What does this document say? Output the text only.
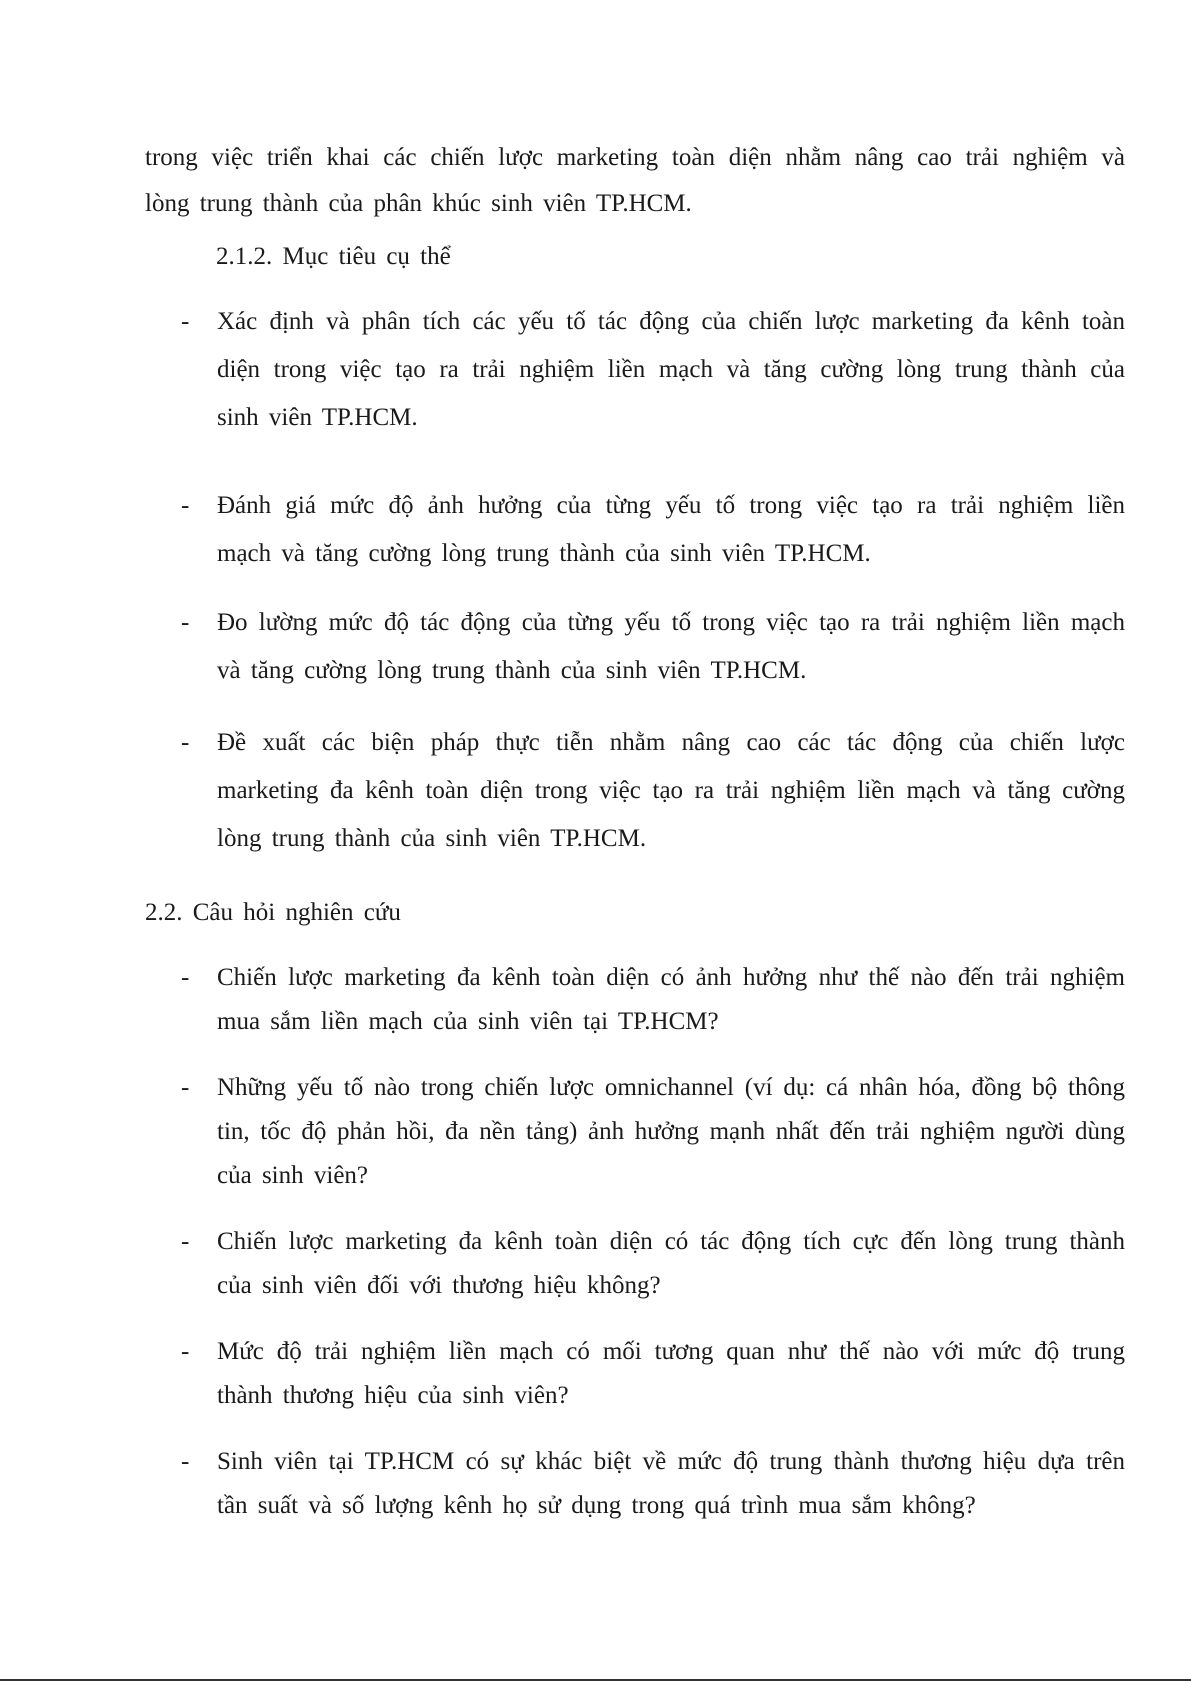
trong việc triển khai các chiến lược marketing toàn diện nhằm nâng cao trải nghiệm và lòng trung thành của phân khúc sinh viên TP.HCM.
2.1.2. Mục tiêu cụ thể
- Xác định và phân tích các yếu tố tác động của chiến lược marketing đa kênh toàn diện trong việc tạo ra trải nghiệm liền mạch và tăng cường lòng trung thành của sinh viên TP.HCM.
- Đánh giá mức độ ảnh hưởng của từng yếu tố trong việc tạo ra trải nghiệm liền mạch và tăng cường lòng trung thành của sinh viên TP.HCM.
- Đo lường mức độ tác động của từng yếu tố trong việc tạo ra trải nghiệm liền mạch và tăng cường lòng trung thành của sinh viên TP.HCM.
- Đề xuất các biện pháp thực tiễn nhằm nâng cao các tác động của chiến lược marketing đa kênh toàn diện trong việc tạo ra trải nghiệm liền mạch và tăng cường lòng trung thành của sinh viên TP.HCM.
2.2. Câu hỏi nghiên cứu
- Chiến lược marketing đa kênh toàn diện có ảnh hưởng như thế nào đến trải nghiệm mua sắm liền mạch của sinh viên tại TP.HCM?
- Những yếu tố nào trong chiến lược omnichannel (ví dụ: cá nhân hóa, đồng bộ thông tin, tốc độ phản hồi, đa nền tảng) ảnh hưởng mạnh nhất đến trải nghiệm người dùng của sinh viên?
- Chiến lược marketing đa kênh toàn diện có tác động tích cực đến lòng trung thành của sinh viên đối với thương hiệu không?
- Mức độ trải nghiệm liền mạch có mối tương quan như thế nào với mức độ trung thành thương hiệu của sinh viên?
- Sinh viên tại TP.HCM có sự khác biệt về mức độ trung thành thương hiệu dựa trên tần suất và số lượng kênh họ sử dụng trong quá trình mua sắm không?
